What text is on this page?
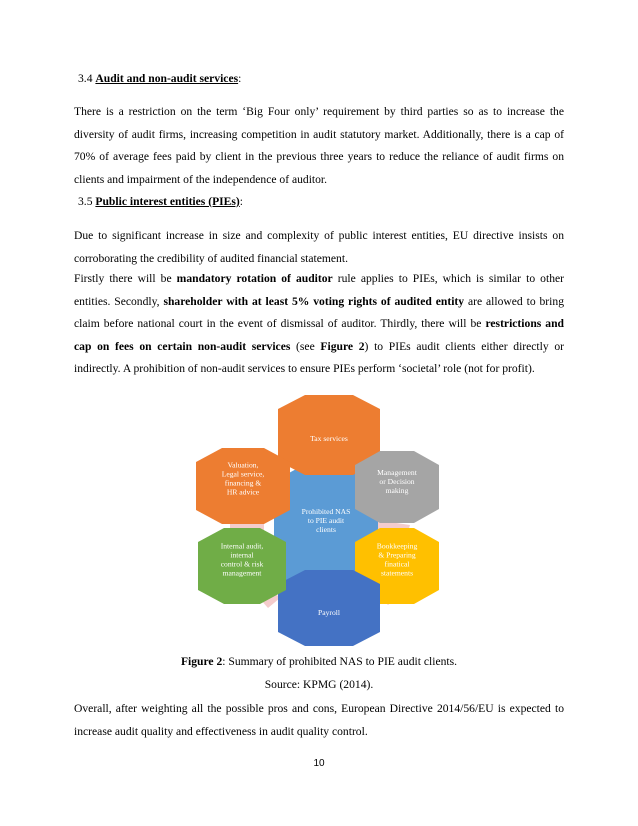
3.4 Audit and non-audit services:
There is a restriction on the term ‘Big Four only’ requirement by third parties so as to increase the diversity of audit firms, increasing competition in audit statutory market. Additionally, there is a cap of 70% of average fees paid by client in the previous three years to reduce the reliance of audit firms on clients and impairment of the independence of auditor.
3.5 Public interest entities (PIEs):
Due to significant increase in size and complexity of public interest entities, EU directive insists on corroborating the credibility of audited financial statement.
Firstly there will be mandatory rotation of auditor rule applies to PIEs, which is similar to other entities. Secondly, shareholder with at least 5% voting rights of audited entity are allowed to bring claim before national court in the event of dismissal of auditor. Thirdly, there will be restrictions and cap on fees on certain non-audit services (see Figure 2) to PIEs audit clients either directly or indirectly. A prohibition of non-audit services to ensure PIEs perform ‘societal’ role (not for profit).
Prohibited NAS to PIE audit clients
Tax services
Management or Decision making
Bookkeeping & Preparing finatical statements
Payroll
Internal audit, internal control & risk management
Valuation, Legal service, financing & HR advice
Figure 2: Summary of prohibited NAS to PIE audit clients.
Source: KPMG (2014).
Overall, after weighting all the possible pros and cons, European Directive 2014/56/EU is expected to increase audit quality and effectiveness in audit quality control.
10
